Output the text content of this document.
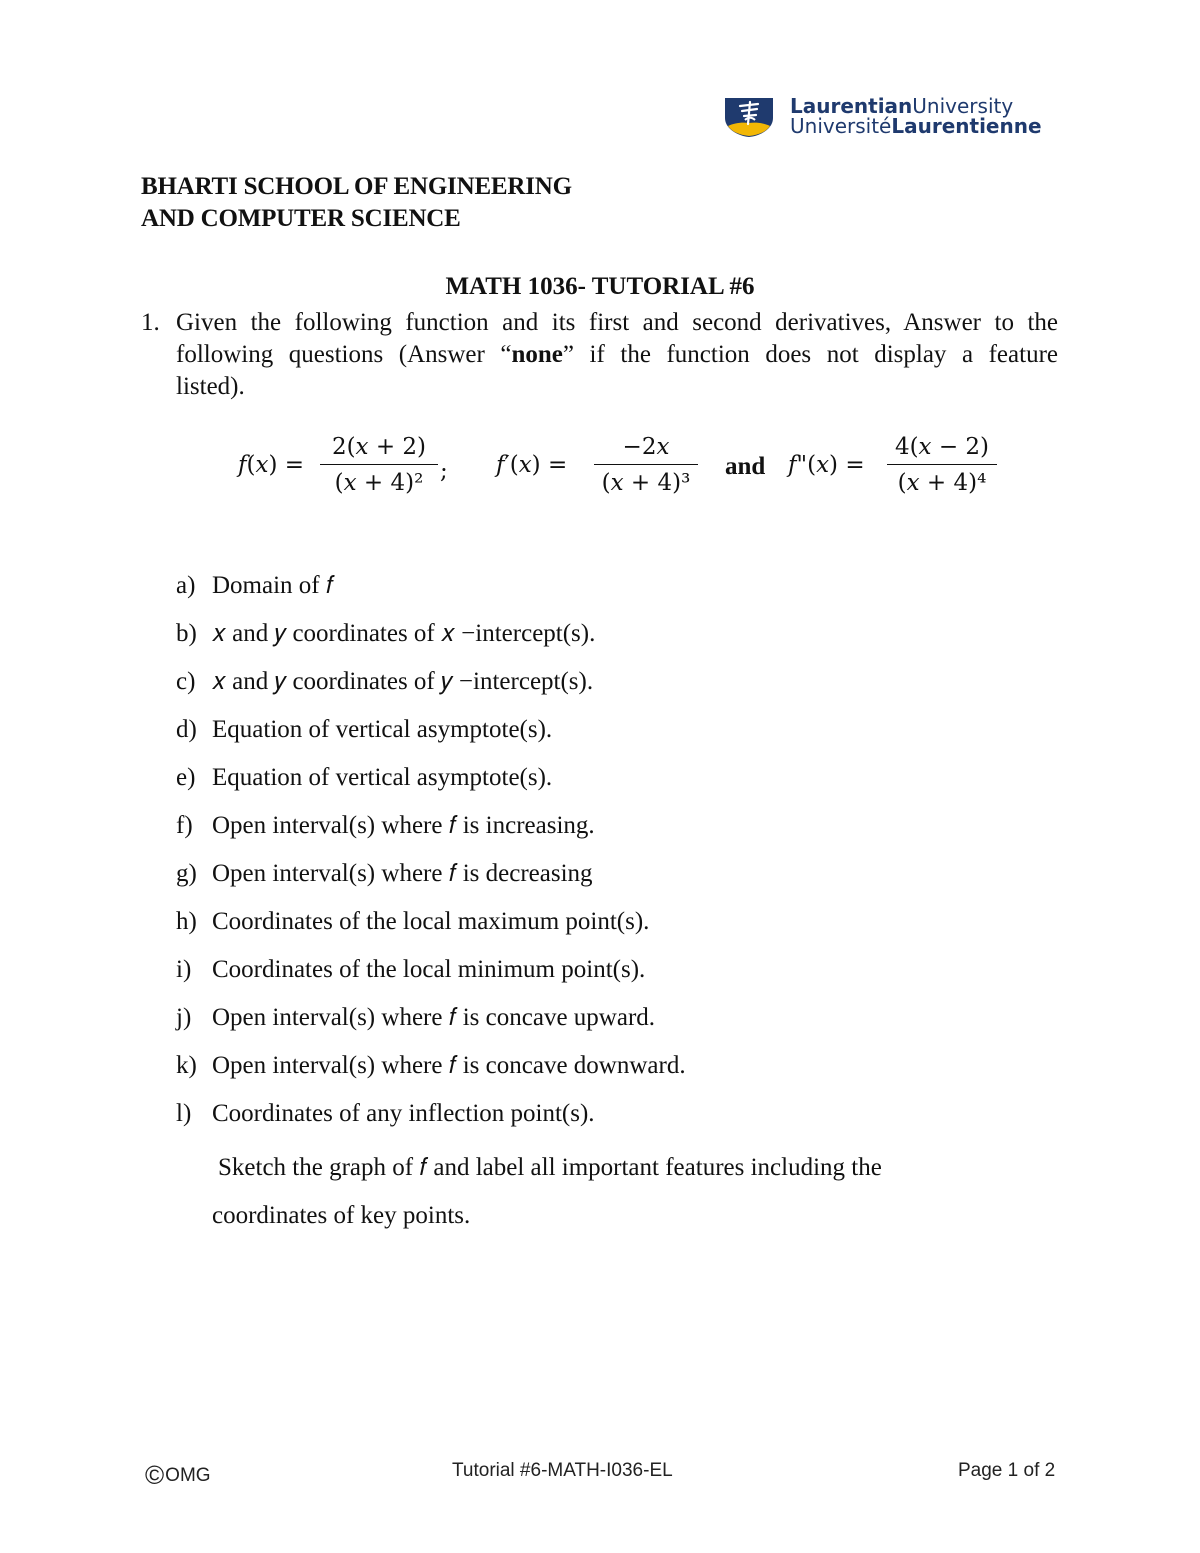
LaurentianUniversity
UniversitéLaurentienne
BHARTI SCHOOL OF ENGINEERING
AND COMPUTER SCIENCE
MATH 1036- TUTORIAL #6
1. Given the following function and its first and second derivatives, Answer to the
following questions (Answer “none” if the function does not display a feature
listed).
𝑓(𝑥) =
2(𝑥 + 2)
(𝑥 + 4)² ; 𝑓′(𝑥) =
−2𝑥
(𝑥 + 4)³
and 𝑓"(𝑥) =
4(𝑥 − 2)
(𝑥 + 4)⁴
a) Domain of 𝑓
b) 𝑥 and 𝑦 coordinates of 𝑥 −intercept(s).
c) 𝑥 and 𝑦 coordinates of 𝑦 −intercept(s).
d) Equation of vertical asymptote(s).
e) Equation of vertical asymptote(s).
f) Open interval(s) where 𝑓 is increasing.
g) Open interval(s) where 𝑓 is decreasing
h) Coordinates of the local maximum point(s).
i) Coordinates of the local minimum point(s).
j) Open interval(s) where 𝑓 is concave upward.
k) Open interval(s) where 𝑓 is concave downward.
l) Coordinates of any inflection point(s).
Sketch the graph of 𝑓 and label all important features including the
coordinates of key points.
©OMG	Tutorial #6-MATH-I036-EL	Page 1 of 2
